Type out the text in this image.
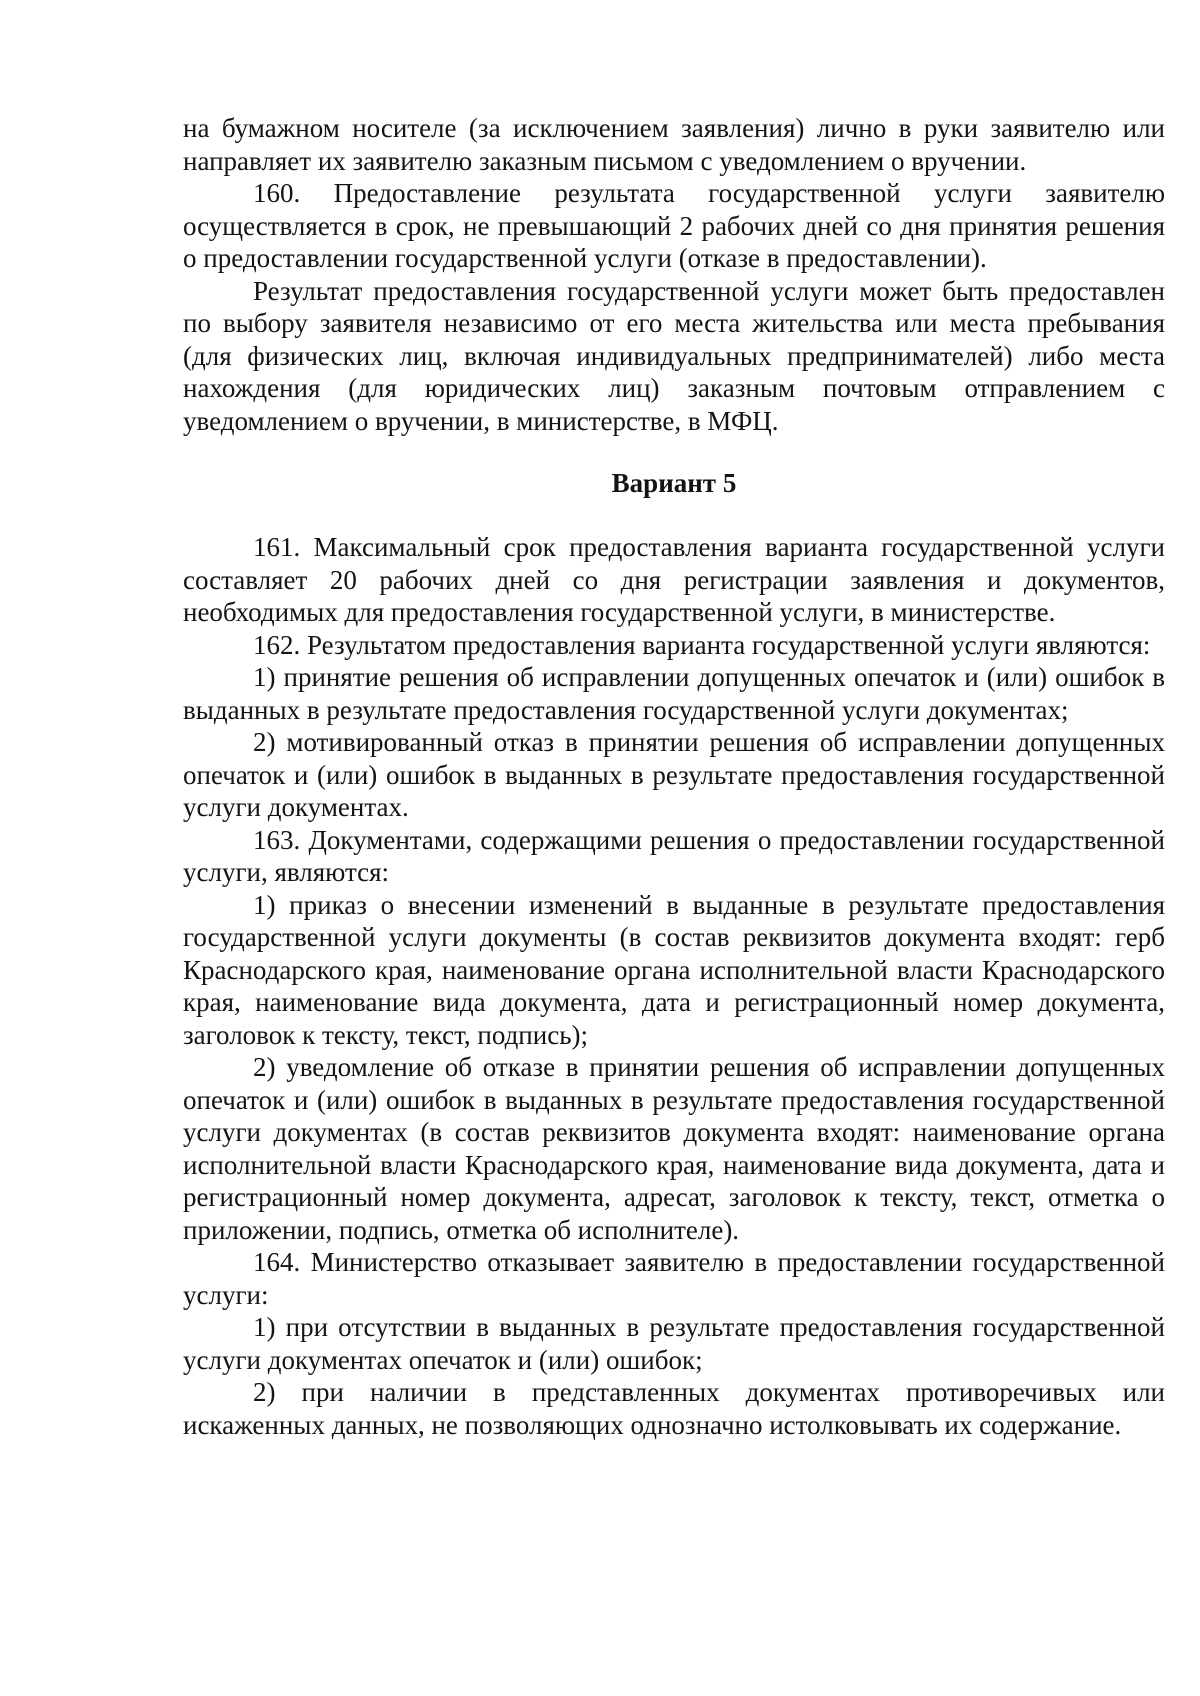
на бумажном носителе (за исключением заявления) лично в руки заявителю или направляет их заявителю заказным письмом с уведомлением о вручении.

160. Предоставление результата государственной услуги заявителю осуществляется в срок, не превышающий 2 рабочих дней со дня принятия решения о предоставлении государственной услуги (отказе в предоставлении).

Результат предоставления государственной услуги может быть предоставлен по выбору заявителя независимо от его места жительства или места пребывания (для физических лиц, включая индивидуальных предпринимателей) либо места нахождения (для юридических лиц) заказным почтовым отправлением с уведомлением о вручении, в министерстве, в МФЦ.

Вариант 5

161. Максимальный срок предоставления варианта государственной услуги составляет 20 рабочих дней со дня регистрации заявления и документов, необходимых для предоставления государственной услуги, в министерстве.

162. Результатом предоставления варианта государственной услуги являются:

1) принятие решения об исправлении допущенных опечаток и (или) ошибок в выданных в результате предоставления государственной услуги документах;

2) мотивированный отказ в принятии решения об исправлении допущенных опечаток и (или) ошибок в выданных в результате предоставления государственной услуги документах.

163. Документами, содержащими решения о предоставлении государственной услуги, являются:

1) приказ о внесении изменений в выданные в результате предоставления государственной услуги документы (в состав реквизитов документа входят: герб Краснодарского края, наименование органа исполнительной власти Краснодарского края, наименование вида документа, дата и регистрационный номер документа, заголовок к тексту, текст, подпись);

2) уведомление об отказе в принятии решения об исправлении допущенных опечаток и (или) ошибок в выданных в результате предоставления государственной услуги документах (в состав реквизитов документа входят: наименование органа исполнительной власти Краснодарского края, наименование вида документа, дата и регистрационный номер документа, адресат, заголовок к тексту, текст, отметка о приложении, подпись, отметка об исполнителе).

164. Министерство отказывает заявителю в предоставлении государственной услуги:

1) при отсутствии в выданных в результате предоставления государственной услуги документах опечаток и (или) ошибок;

2) при наличии в представленных документах противоречивых или искаженных данных, не позволяющих однозначно истолковывать их содержание.
